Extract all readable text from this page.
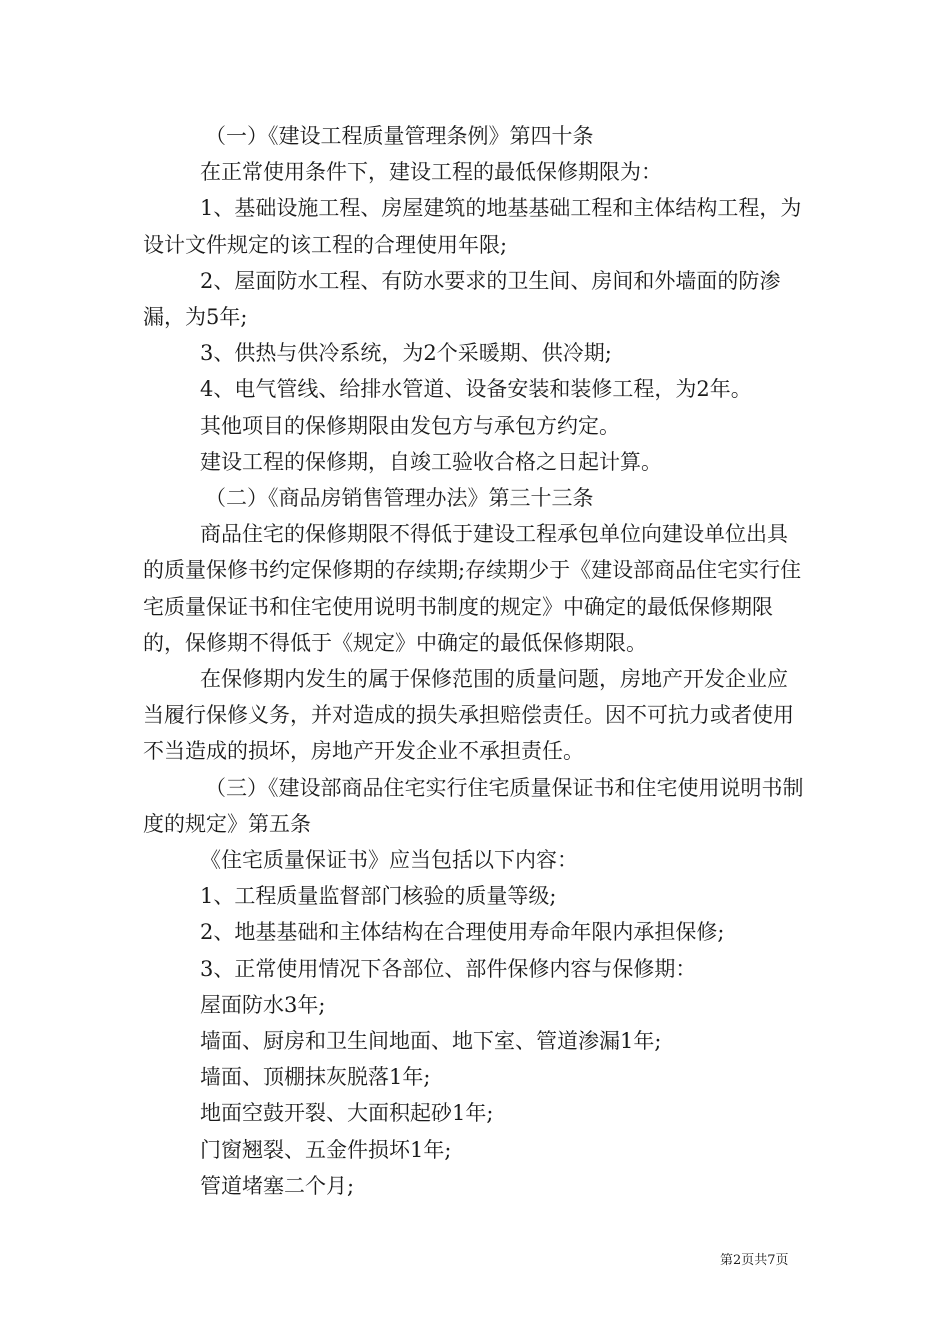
（一）《建设工程质量管理条例》第四十条

在正常使用条件下，建设工程的最低保修期限为：

1、基础设施工程、房屋建筑的地基基础工程和主体结构工程，为设计文件规定的该工程的合理使用年限;

2、屋面防水工程、有防水要求的卫生间、房间和外墙面的防渗漏，为5年;

3、供热与供冷系统，为2个采暖期、供冷期;

4、电气管线、给排水管道、设备安装和装修工程，为2年。

其他项目的保修期限由发包方与承包方约定。

建设工程的保修期，自竣工验收合格之日起计算。

（二）《商品房销售管理办法》第三十三条

商品住宅的保修期限不得低于建设工程承包单位向建设单位出具的质量保修书约定保修期的存续期;存续期少于《建设部商品住宅实行住宅质量保证书和住宅使用说明书制度的规定》中确定的最低保修期限的，保修期不得低于《规定》中确定的最低保修期限。

在保修期内发生的属于保修范围的质量问题，房地产开发企业应当履行保修义务，并对造成的损失承担赔偿责任。因不可抗力或者使用不当造成的损坏，房地产开发企业不承担责任。

（三）《建设部商品住宅实行住宅质量保证书和住宅使用说明书制度的规定》第五条

《住宅质量保证书》应当包括以下内容：

1、工程质量监督部门核验的质量等级;

2、地基基础和主体结构在合理使用寿命年限内承担保修;

3、正常使用情况下各部位、部件保修内容与保修期：

屋面防水3年;

墙面、厨房和卫生间地面、地下室、管道渗漏1年;

墙面、顶棚抹灰脱落1年;

地面空鼓开裂、大面积起砂1年;

门窗翘裂、五金件损坏1年;

管道堵塞二个月;

第2页共7页
